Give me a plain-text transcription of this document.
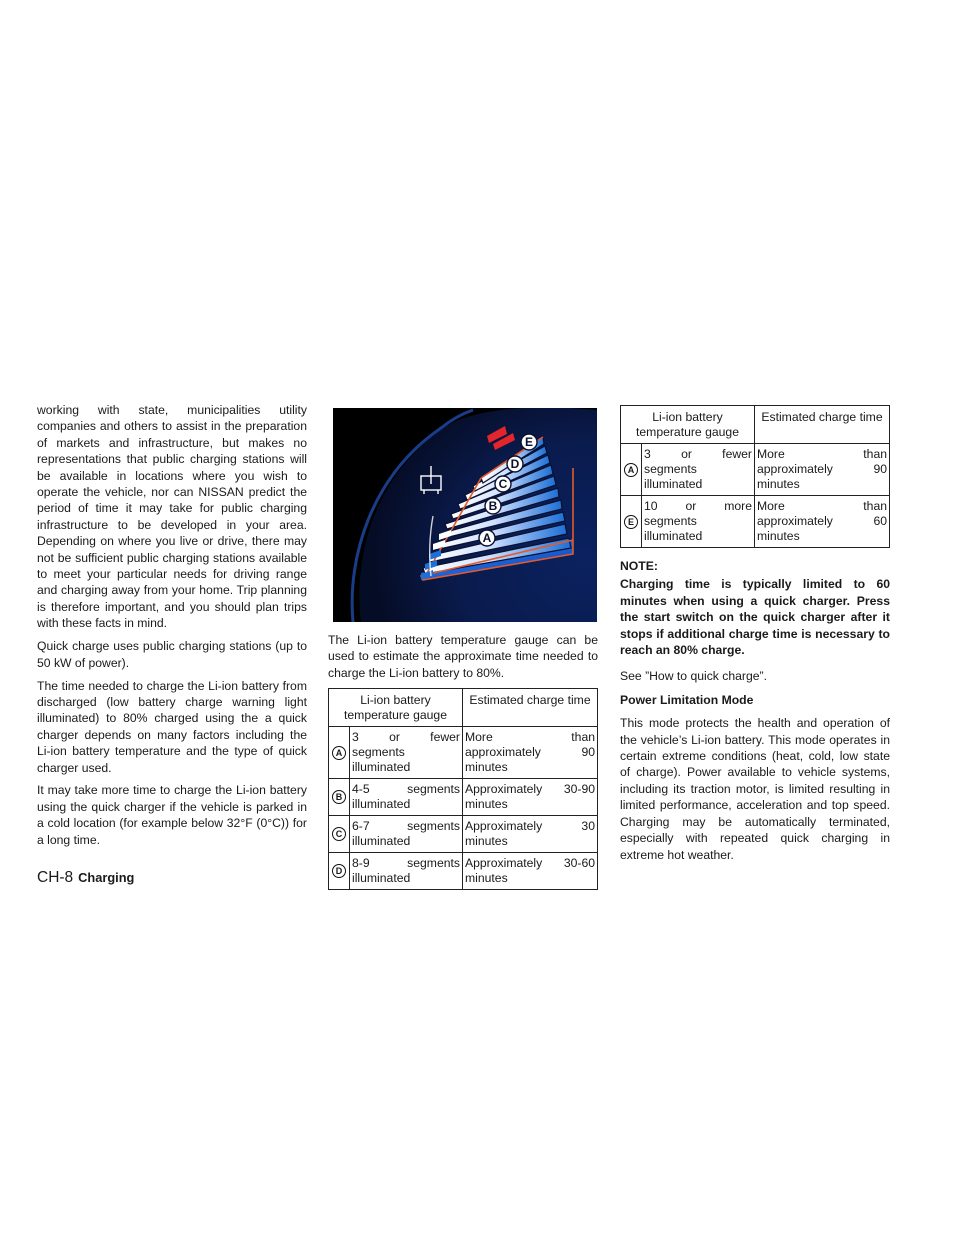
working with state, municipalities utility companies and others to assist in the preparation of markets and infrastructure, but makes no representations that public charging stations will be available in locations where you wish to operate the vehicle, nor can NISSAN predict the period of time it may take for public charging infrastructure to be developed in your area. Depending on where you live or drive, there may not be sufficient public charging stations available to meet your particular needs for driving range and charging away from your home. Trip planning is therefore important, and you should plan trips with these facts in mind.

Quick charge uses public charging stations (up to 50 kW of power).

The time needed to charge the Li-ion battery from discharged (low battery charge warning light illuminated) to 80% charged using the a quick charger depends on many factors including the Li-ion battery temperature and the type of quick charger used.

It may take more time to charge the Li-ion battery using the quick charger if the vehicle is parked in a cold location (for example below 32°F (0°C)) for a long time.

E
D
C
B
A

The Li-ion battery temperature gauge can be used to estimate the approximate time needed to charge the Li-ion battery to 80%.

Li-ion battery temperature gauge		Estimated charge time
A	3 or fewer segments illuminated	More than approximately 90 minutes
B	4-5 segments illuminated	Approximately 30-90 minutes
C	6-7 segments illuminated	Approximately 30 minutes
D	8-9 segments illuminated	Approximately 30-60 minutes
Li-ion battery temperature gauge		Estimated charge time
A	3 or fewer segments illuminated	More than approximately 90 minutes
E	10 or more segments illuminated	More than approximately 60 minutes
NOTE:
Charging time is typically limited to 60 minutes when using a quick charger. Press the start switch on the quick charger after it stops if additional charge time is necessary to reach an 80% charge.
See ”How to quick charge”.
Power Limitation Mode

This mode protects the health and operation of the vehicle’s Li-ion battery. This mode operates in certain extreme conditions (heat, cold, low state of charge). Power available to vehicle systems, including its traction motor, is limited resulting in limited performance, acceleration and top speed. Charging may be automatically terminated, especially with repeated quick charging in extreme hot weather.

CH-8 Charging
